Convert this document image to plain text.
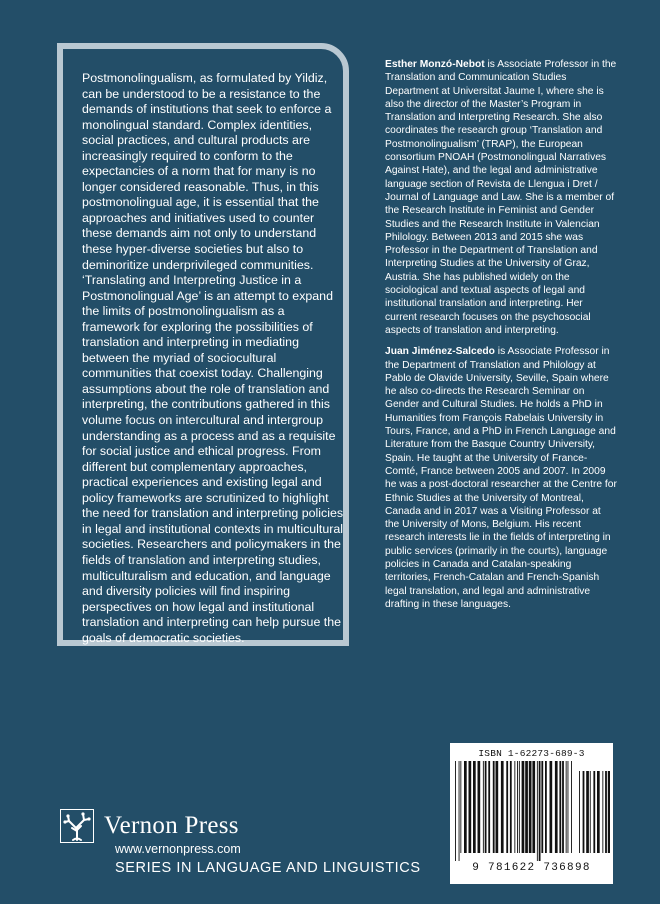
Postmonolingualism, as formulated by Yildiz, can be understood to be a resistance to the demands of institutions that seek to enforce a monolingual standard. Complex identities, social practices, and cultural products are increasingly required to conform to the expectancies of a norm that for many is no longer considered reasonable. Thus, in this postmonolingual age, it is essential that the approaches and initiatives used to counter these demands aim not only to understand these hyper-diverse societies but also to deminoritize underprivileged communities. ‘Translating and Interpreting Justice in a Postmonolingual Age’ is an attempt to expand the limits of postmonolingualism as a framework for exploring the possibilities of translation and interpreting in mediating between the myriad of sociocultural communities that coexist today. Challenging assumptions about the role of translation and interpreting, the contributions gathered in this volume focus on intercultural and intergroup understanding as a process and as a requisite for social justice and ethical progress. From different but complementary approaches, practical experiences and existing legal and policy frameworks are scrutinized to highlight the need for translation and interpreting policies in legal and institutional contexts in multicultural societies. Researchers and policymakers in the fields of translation and interpreting studies, multiculturalism and education, and language and diversity policies will find inspiring perspectives on how legal and institutional translation and interpreting can help pursue the goals of democratic societies.

Esther Monzó-Nebot is Associate Professor in the Translation and Communication Studies Department at Universitat Jaume I, where she is also the director of the Master’s Program in Translation and Interpreting Research. She also coordinates the research group ‘Translation and Postmonolingualism’ (TRAP), the European consortium PNOAH (Postmonolingual Narratives Against Hate), and the legal and administrative language section of Revista de Llengua i Dret / Journal of Language and Law. She is a member of the Research Institute in Feminist and Gender Studies and the Research Institute in Valencian Philology. Between 2013 and 2015 she was Professor in the Department of Translation and Interpreting Studies at the University of Graz, Austria. She has published widely on the sociological and textual aspects of legal and institutional translation and interpreting. Her current research focuses on the psychosocial aspects of translation and interpreting.

Juan Jiménez-Salcedo is Associate Professor in the Department of Translation and Philology at Pablo de Olavide University, Seville, Spain where he also co-directs the Research Seminar on Gender and Cultural Studies. He holds a PhD in Humanities from François Rabelais University in Tours, France, and a PhD in French Language and Literature from the Basque Country University, Spain. He taught at the University of France-Comté, France between 2005 and 2007. In 2009 he was a post-doctoral researcher at the Centre for Ethnic Studies at the University of Montreal, Canada and in 2017 was a Visiting Professor at the University of Mons, Belgium. His recent research interests lie in the fields of interpreting in public services (primarily in the courts), language policies in Canada and Catalan-speaking territories, French-Catalan and French-Spanish legal translation, and legal and administrative drafting in these languages.

ISBN 1-62273-689-3
9 781622 736898
Vernon Press
www.vernonpress.com
SERIES IN LANGUAGE AND LINGUISTICS
